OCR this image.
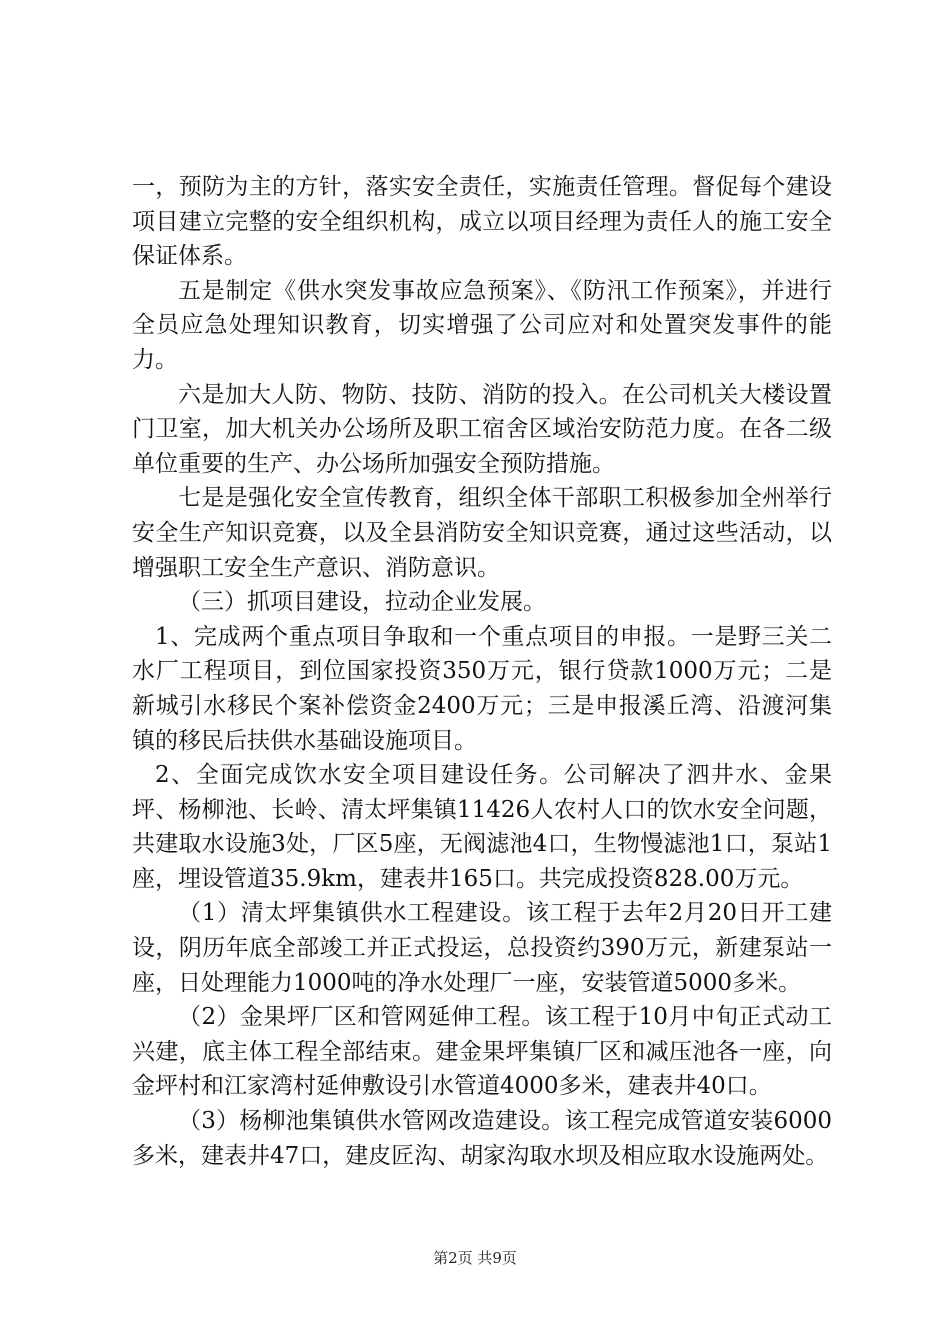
一，预防为主的方针，落实安全责任，实施责任管理。督促每个建设项目建立完整的安全组织机构，成立以项目经理为责任人的施工安全保证体系。

五是制定《供水突发事故应急预案》、《防汛工作预案》，并进行全员应急处理知识教育，切实增强了公司应对和处置突发事件的能力。

六是加大人防、物防、技防、消防的投入。在公司机关大楼设置门卫室，加大机关办公场所及职工宿舍区域治安防范力度。在各二级单位重要的生产、办公场所加强安全预防措施。

七是是强化安全宣传教育，组织全体干部职工积极参加全州举行安全生产知识竞赛，以及全县消防安全知识竞赛，通过这些活动，以增强职工安全生产意识、消防意识。

（三）抓项目建设，拉动企业发展。

1、完成两个重点项目争取和一个重点项目的申报。一是野三关二水厂工程项目，到位国家投资350万元，银行贷款1000万元；二是新城引水移民个案补偿资金2400万元；三是申报溪丘湾、沿渡河集镇的移民后扶供水基础设施项目。

2、全面完成饮水安全项目建设任务。公司解决了泗井水、金果坪、杨柳池、长岭、清太坪集镇11426人农村人口的饮水安全问题，共建取水设施3处，厂区5座，无阀滤池4口，生物慢滤池1口，泵站1座，埋设管道35.9km，建表井165口。共完成投资828.00万元。

（1）清太坪集镇供水工程建设。该工程于去年2月20日开工建设，阴历年底全部竣工并正式投运，总投资约390万元，新建泵站一座，日处理能力1000吨的净水处理厂一座，安装管道5000多米。

（2）金果坪厂区和管网延伸工程。该工程于10月中旬正式动工兴建，底主体工程全部结束。建金果坪集镇厂区和减压池各一座，向金坪村和江家湾村延伸敷设引水管道4000多米，建表井40口。

（3）杨柳池集镇供水管网改造建设。该工程完成管道安装6000多米，建表井47口，建皮匠沟、胡家沟取水坝及相应取水设施两处。

第2页 共9页
